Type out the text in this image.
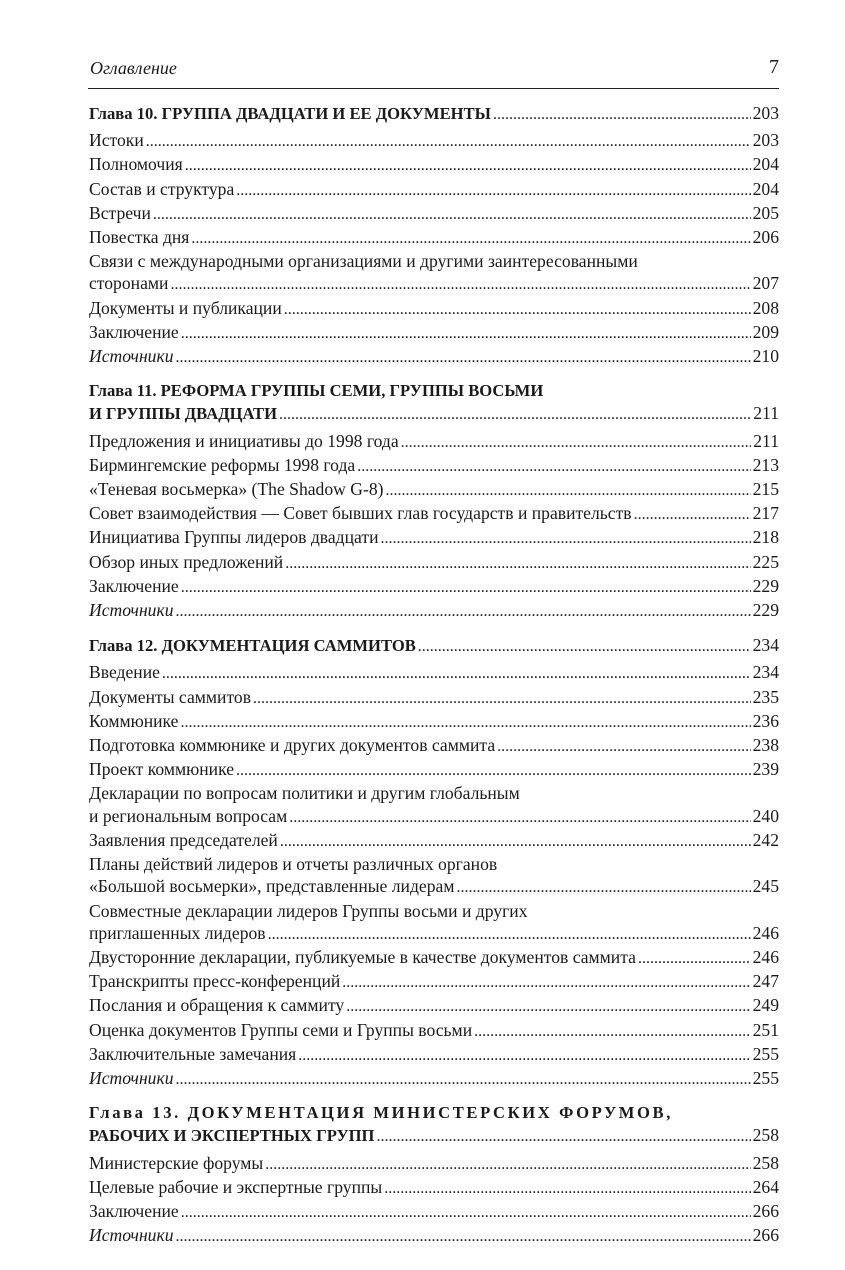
Оглавление	7
Глава 10. ГРУППА ДВАДЦАТИ И ЕЕ ДОКУМЕНТЫ .....	203
Истоки .....	203
Полномочия .....	204
Состав и структура .....	204
Встречи .....	205
Повестка дня .....	206
Связи с международными организациями и другими заинтересованными
сторонами .....	207
Документы и публикации .....	208
Заключение .....	209
Источники .....	210
Глава 11. РЕФОРМА ГРУППЫ СЕМИ, ГРУППЫ ВОСЬМИ
И ГРУППЫ ДВАДЦАТИ .....	211
Предложения и инициативы до 1998 года .....	211
Бирмингемские реформы 1998 года .....	213
«Теневая восьмерка» (The Shadow G-8) .....	215
Совет взаимодействия — Совет бывших глав государств и правительств .....	217
Инициатива Группы лидеров двадцати .....	218
Обзор иных предложений .....	225
Заключение .....	229
Источники .....	229
Глава 12. ДОКУМЕНТАЦИЯ САММИТОВ .....	234
Введение .....	234
Документы саммитов .....	235
Коммюнике .....	236
Подготовка коммюнике и других документов саммита .....	238
Проект коммюнике .....	239
Декларации по вопросам политики и другим глобальным
и региональным вопросам .....	240
Заявления председателей .....	242
Планы действий лидеров и отчеты различных органов
«Большой восьмерки», представленные лидерам .....	245
Совместные декларации лидеров Группы восьми и других
приглашенных лидеров .....	246
Двусторонние декларации, публикуемые в качестве документов саммита .....	246
Транскрипты пресс-конференций .....	247
Послания и обращения к саммиту .....	249
Оценка документов Группы семи и Группы восьми .....	251
Заключительные замечания .....	255
Источники .....	255
Глава 13. ДОКУМЕНТАЦИЯ МИНИСТЕРСКИХ ФОРУМОВ,
РАБОЧИХ И ЭКСПЕРТНЫХ ГРУПП .....	258
Министерские форумы .....	258
Целевые рабочие и экспертные группы .....	264
Заключение .....	266
Источники .....	266
